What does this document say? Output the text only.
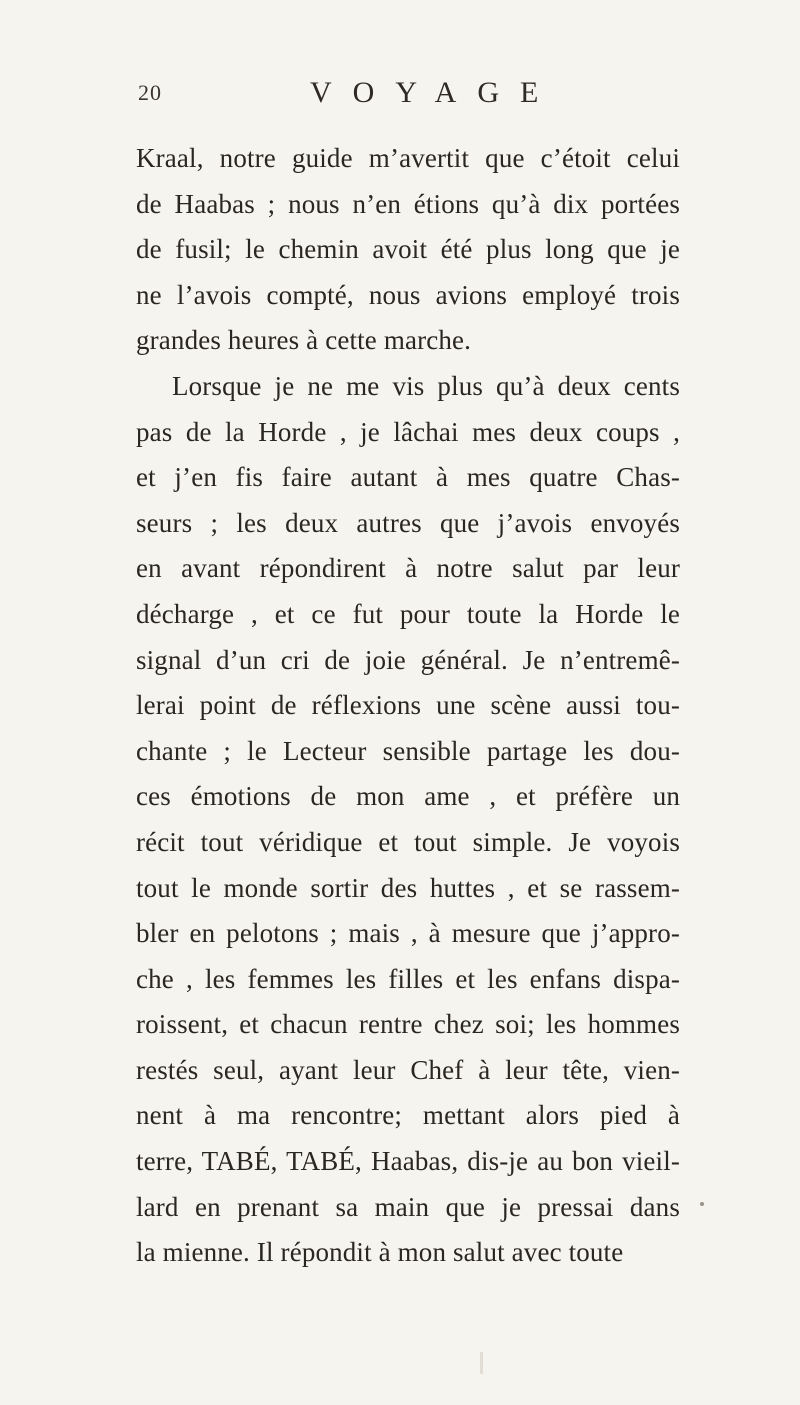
20	VOYAGE
Kraal, notre guide m’avertit que c’étoit celui
de Haabas ; nous n’en étions qu’à dix portées
de fusil; le chemin avoit été plus long que je
ne l’avois compté, nous avions employé trois
grandes heures à cette marche.
Lorsque je ne me vis plus qu’à deux cents
pas de la Horde , je lâchai mes deux coups ,
et j’en fis faire autant à mes quatre Chas-
seurs ; les deux autres que j’avois envoyés
en avant répondirent à notre salut par leur
décharge , et ce fut pour toute la Horde le
signal d’un cri de joie général. Je n’entremê-
lerai point de réflexions une scène aussi tou-
chante ; le Lecteur sensible partage les dou-
ces émotions de mon ame , et préfère un
récit tout véridique et tout simple. Je voyois
tout le monde sortir des huttes , et se rassem-
bler en pelotons ; mais , à mesure que j’appro-
che , les femmes les filles et les enfans dispa-
roissent, et chacun rentre chez soi; les hommes
restés seul, ayant leur Chef à leur tête, vien-
nent à ma rencontre; mettant alors pied à
terre, TABÉ, TABÉ, Haabas, dis-je au bon vieil-
lard en prenant sa main que je pressai dans
la mienne. Il répondit à mon salut avec toute
